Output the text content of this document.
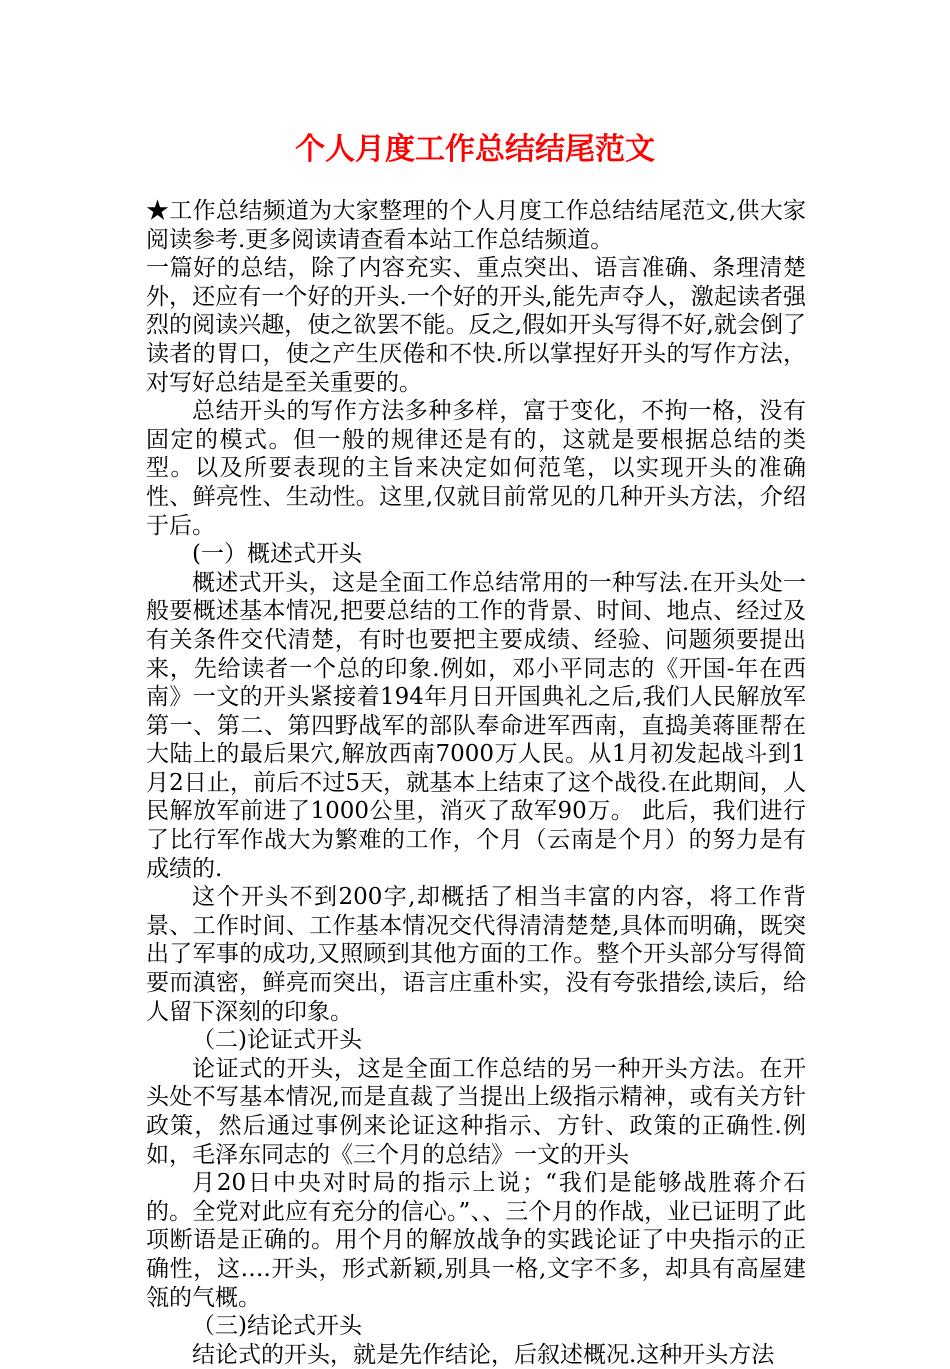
个人月度工作总结结尾范文

★工作总结频道为大家整理的个人月度工作总结结尾范文,供大家阅读参考.更多阅读请查看本站工作总结频道。

一篇好的总结，除了内容充实、重点突出、语言准确、条理清楚外，还应有一个好的开头.一个好的开头,能先声夺人，激起读者强烈的阅读兴趣，使之欲罢不能。反之,假如开头写得不好,就会倒了读者的胃口，使之产生厌倦和不快.所以掌捏好开头的写作方法，对写好总结是至关重要的。

总结开头的写作方法多种多样，富于变化，不拘一格，没有固定的模式。但一般的规律还是有的，这就是要根据总结的类型。以及所要表现的主旨来决定如何范笔，以实现开头的准确性、鲜亮性、生动性。这里,仅就目前常见的几种开头方法，介绍于后。

(一）概述式开头

概述式开头，这是全面工作总结常用的一种写法.在开头处一般要概述基本情况,把要总结的工作的背景、时间、地点、经过及有关条件交代清楚，有时也要把主要成绩、经验、问题须要提出来，先给读者一个总的印象.例如，邓小平同志的《开国-年在西南》一文的开头紧接着194年月日开国典礼之后,我们人民解放军第一、第二、第四野战军的部队奉命进军西南，直捣美蒋匪帮在大陆上的最后果穴,解放西南7000万人民。从1月初发起战斗到1月2日止，前后不过5天，就基本上结束了这个战役.在此期间，人民解放军前进了1000公里，消灭了敌军90万。 此后，我们进行了比行军作战大为繁难的工作，个月（云南是个月）的努力是有成绩的.

这个开头不到200字,却概括了相当丰富的内容，将工作背景、工作时间、工作基本情况交代得清清楚楚,具体而明确，既突出了军事的成功,又照顾到其他方面的工作。整个开头部分写得简要而滇密，鲜亮而突出，语言庄重朴实，没有夸张措绘,读后，给人留下深刻的印象。

（二)论证式开头

论证式的开头，这是全面工作总结的另一种开头方法。在开头处不写基本情况,而是直裁了当提出上级指示精神，或有关方针政策，然后通过事例来论证这种指示、方针、政策的正确性.例如，毛泽东同志的《三个月的总结》一文的开头

月20日中央对时局的指示上说；“我们是能够战胜蒋介石的。全党对此应有充分的信心。”、、三个月的作战，业已证明了此项断语是正确的。用个月的解放战争的实践论证了中央指示的正确性，这….开头，形式新颖,别具一格,文字不多，却具有高屋建瓴的气概。

（三)结论式开头

结论式的开头，就是先作结论，后叙述概况.这种开头方法
